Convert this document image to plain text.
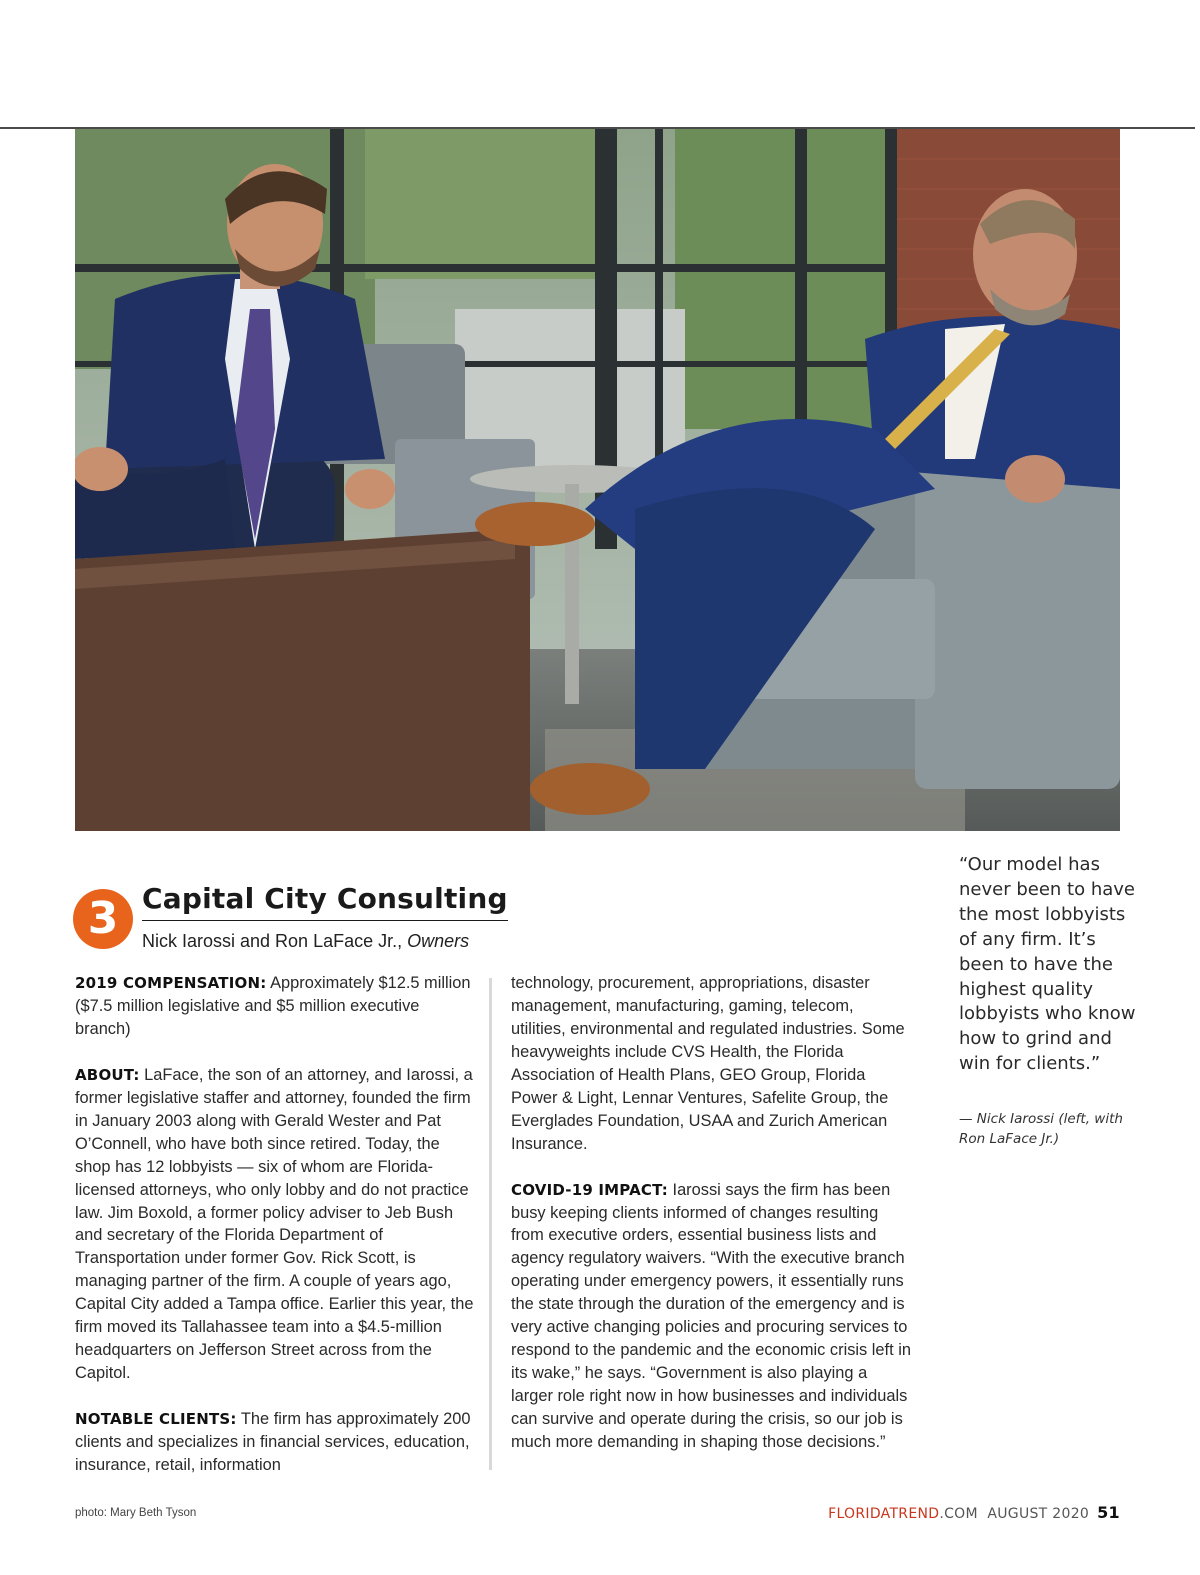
3 Capital City Consulting
Nick Iarossi and Ron LaFace Jr., Owners

2019 COMPENSATION: Approximately $12.5 million ($7.5 million legislative and $5 million executive branch)

ABOUT: LaFace, the son of an attorney, and Iarossi, a former legislative staffer and attorney, founded the firm in January 2003 along with Gerald Wester and Pat O’Connell, who have both since retired. Today, the shop has 12 lobbyists — six of whom are Florida-licensed attorneys, who only lobby and do not practice law. Jim Boxold, a former policy adviser to Jeb Bush and secretary of the Florida Department of Transportation under former Gov. Rick Scott, is managing partner of the firm. A couple of years ago, Capital City added a Tampa office. Earlier this year, the firm moved its Tallahassee team into a $4.5-million headquarters on Jefferson Street across from the Capitol.

NOTABLE CLIENTS: The firm has approximately 200 clients and specializes in financial services, education, insurance, retail, information

technology, procurement, appropriations, disaster management, manufacturing, gaming, telecom, utilities, environmental and regulated industries. Some heavyweights include CVS Health, the Florida Association of Health Plans, GEO Group, Florida Power & Light, Lennar Ventures, Safelite Group, the Everglades Foundation, USAA and Zurich American Insurance.

COVID-19 IMPACT: Iarossi says the firm has been busy keeping clients informed of changes resulting from executive orders, essential business lists and agency regulatory waivers. “With the executive branch operating under emergency powers, it essentially runs the state through the duration of the emergency and is very active changing policies and procuring services to respond to the pandemic and the economic crisis left in its wake,” he says. “Government is also playing a larger role right now in how businesses and individuals can survive and operate during the crisis, so our job is much more demanding in shaping those decisions.”

“Our model has never been to have the most lobbyists of any firm. It’s been to have the highest quality lobbyists who know how to grind and win for clients.”
— Nick Iarossi (left, with Ron LaFace Jr.)
photo: Mary Beth Tyson	FLORIDATREND.COM AUGUST 2020 51
